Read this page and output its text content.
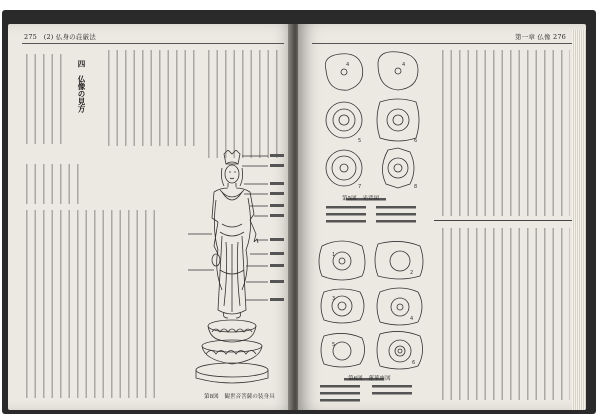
275　(2) 仏身の荘厳法
四　仏像の見方
第8図　観世音菩薩の装身具
第一章 仏像 276
4	4
5	6
7	8
第5図　光背図
1
2
3
4
5
6
第6図　蓮華座図
